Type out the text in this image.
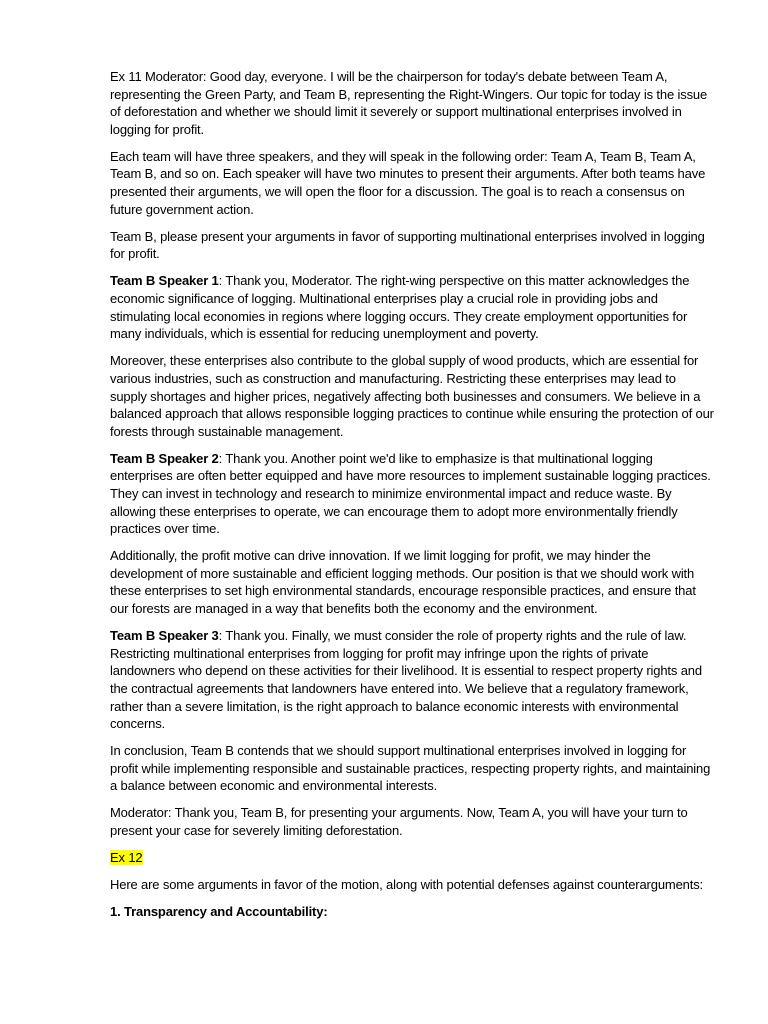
Ex 11 Moderator: Good day, everyone. I will be the chairperson for today's debate between Team A, representing the Green Party, and Team B, representing the Right-Wingers. Our topic for today is the issue of deforestation and whether we should limit it severely or support multinational enterprises involved in logging for profit.

Each team will have three speakers, and they will speak in the following order: Team A, Team B, Team A, Team B, and so on. Each speaker will have two minutes to present their arguments. After both teams have presented their arguments, we will open the floor for a discussion. The goal is to reach a consensus on future government action.

Team B, please present your arguments in favor of supporting multinational enterprises involved in logging for profit.

Team B Speaker 1: Thank you, Moderator. The right-wing perspective on this matter acknowledges the economic significance of logging. Multinational enterprises play a crucial role in providing jobs and stimulating local economies in regions where logging occurs. They create employment opportunities for many individuals, which is essential for reducing unemployment and poverty.

Moreover, these enterprises also contribute to the global supply of wood products, which are essential for various industries, such as construction and manufacturing. Restricting these enterprises may lead to supply shortages and higher prices, negatively affecting both businesses and consumers. We believe in a balanced approach that allows responsible logging practices to continue while ensuring the protection of our forests through sustainable management.

Team B Speaker 2: Thank you. Another point we'd like to emphasize is that multinational logging enterprises are often better equipped and have more resources to implement sustainable logging practices. They can invest in technology and research to minimize environmental impact and reduce waste. By allowing these enterprises to operate, we can encourage them to adopt more environmentally friendly practices over time.

Additionally, the profit motive can drive innovation. If we limit logging for profit, we may hinder the development of more sustainable and efficient logging methods. Our position is that we should work with these enterprises to set high environmental standards, encourage responsible practices, and ensure that our forests are managed in a way that benefits both the economy and the environment.

Team B Speaker 3: Thank you. Finally, we must consider the role of property rights and the rule of law. Restricting multinational enterprises from logging for profit may infringe upon the rights of private landowners who depend on these activities for their livelihood. It is essential to respect property rights and the contractual agreements that landowners have entered into. We believe that a regulatory framework, rather than a severe limitation, is the right approach to balance economic interests with environmental concerns.

In conclusion, Team B contends that we should support multinational enterprises involved in logging for profit while implementing responsible and sustainable practices, respecting property rights, and maintaining a balance between economic and environmental interests.

Moderator: Thank you, Team B, for presenting your arguments. Now, Team A, you will have your turn to present your case for severely limiting deforestation.

Ex 12

Here are some arguments in favor of the motion, along with potential defenses against counterarguments:

1. Transparency and Accountability:
